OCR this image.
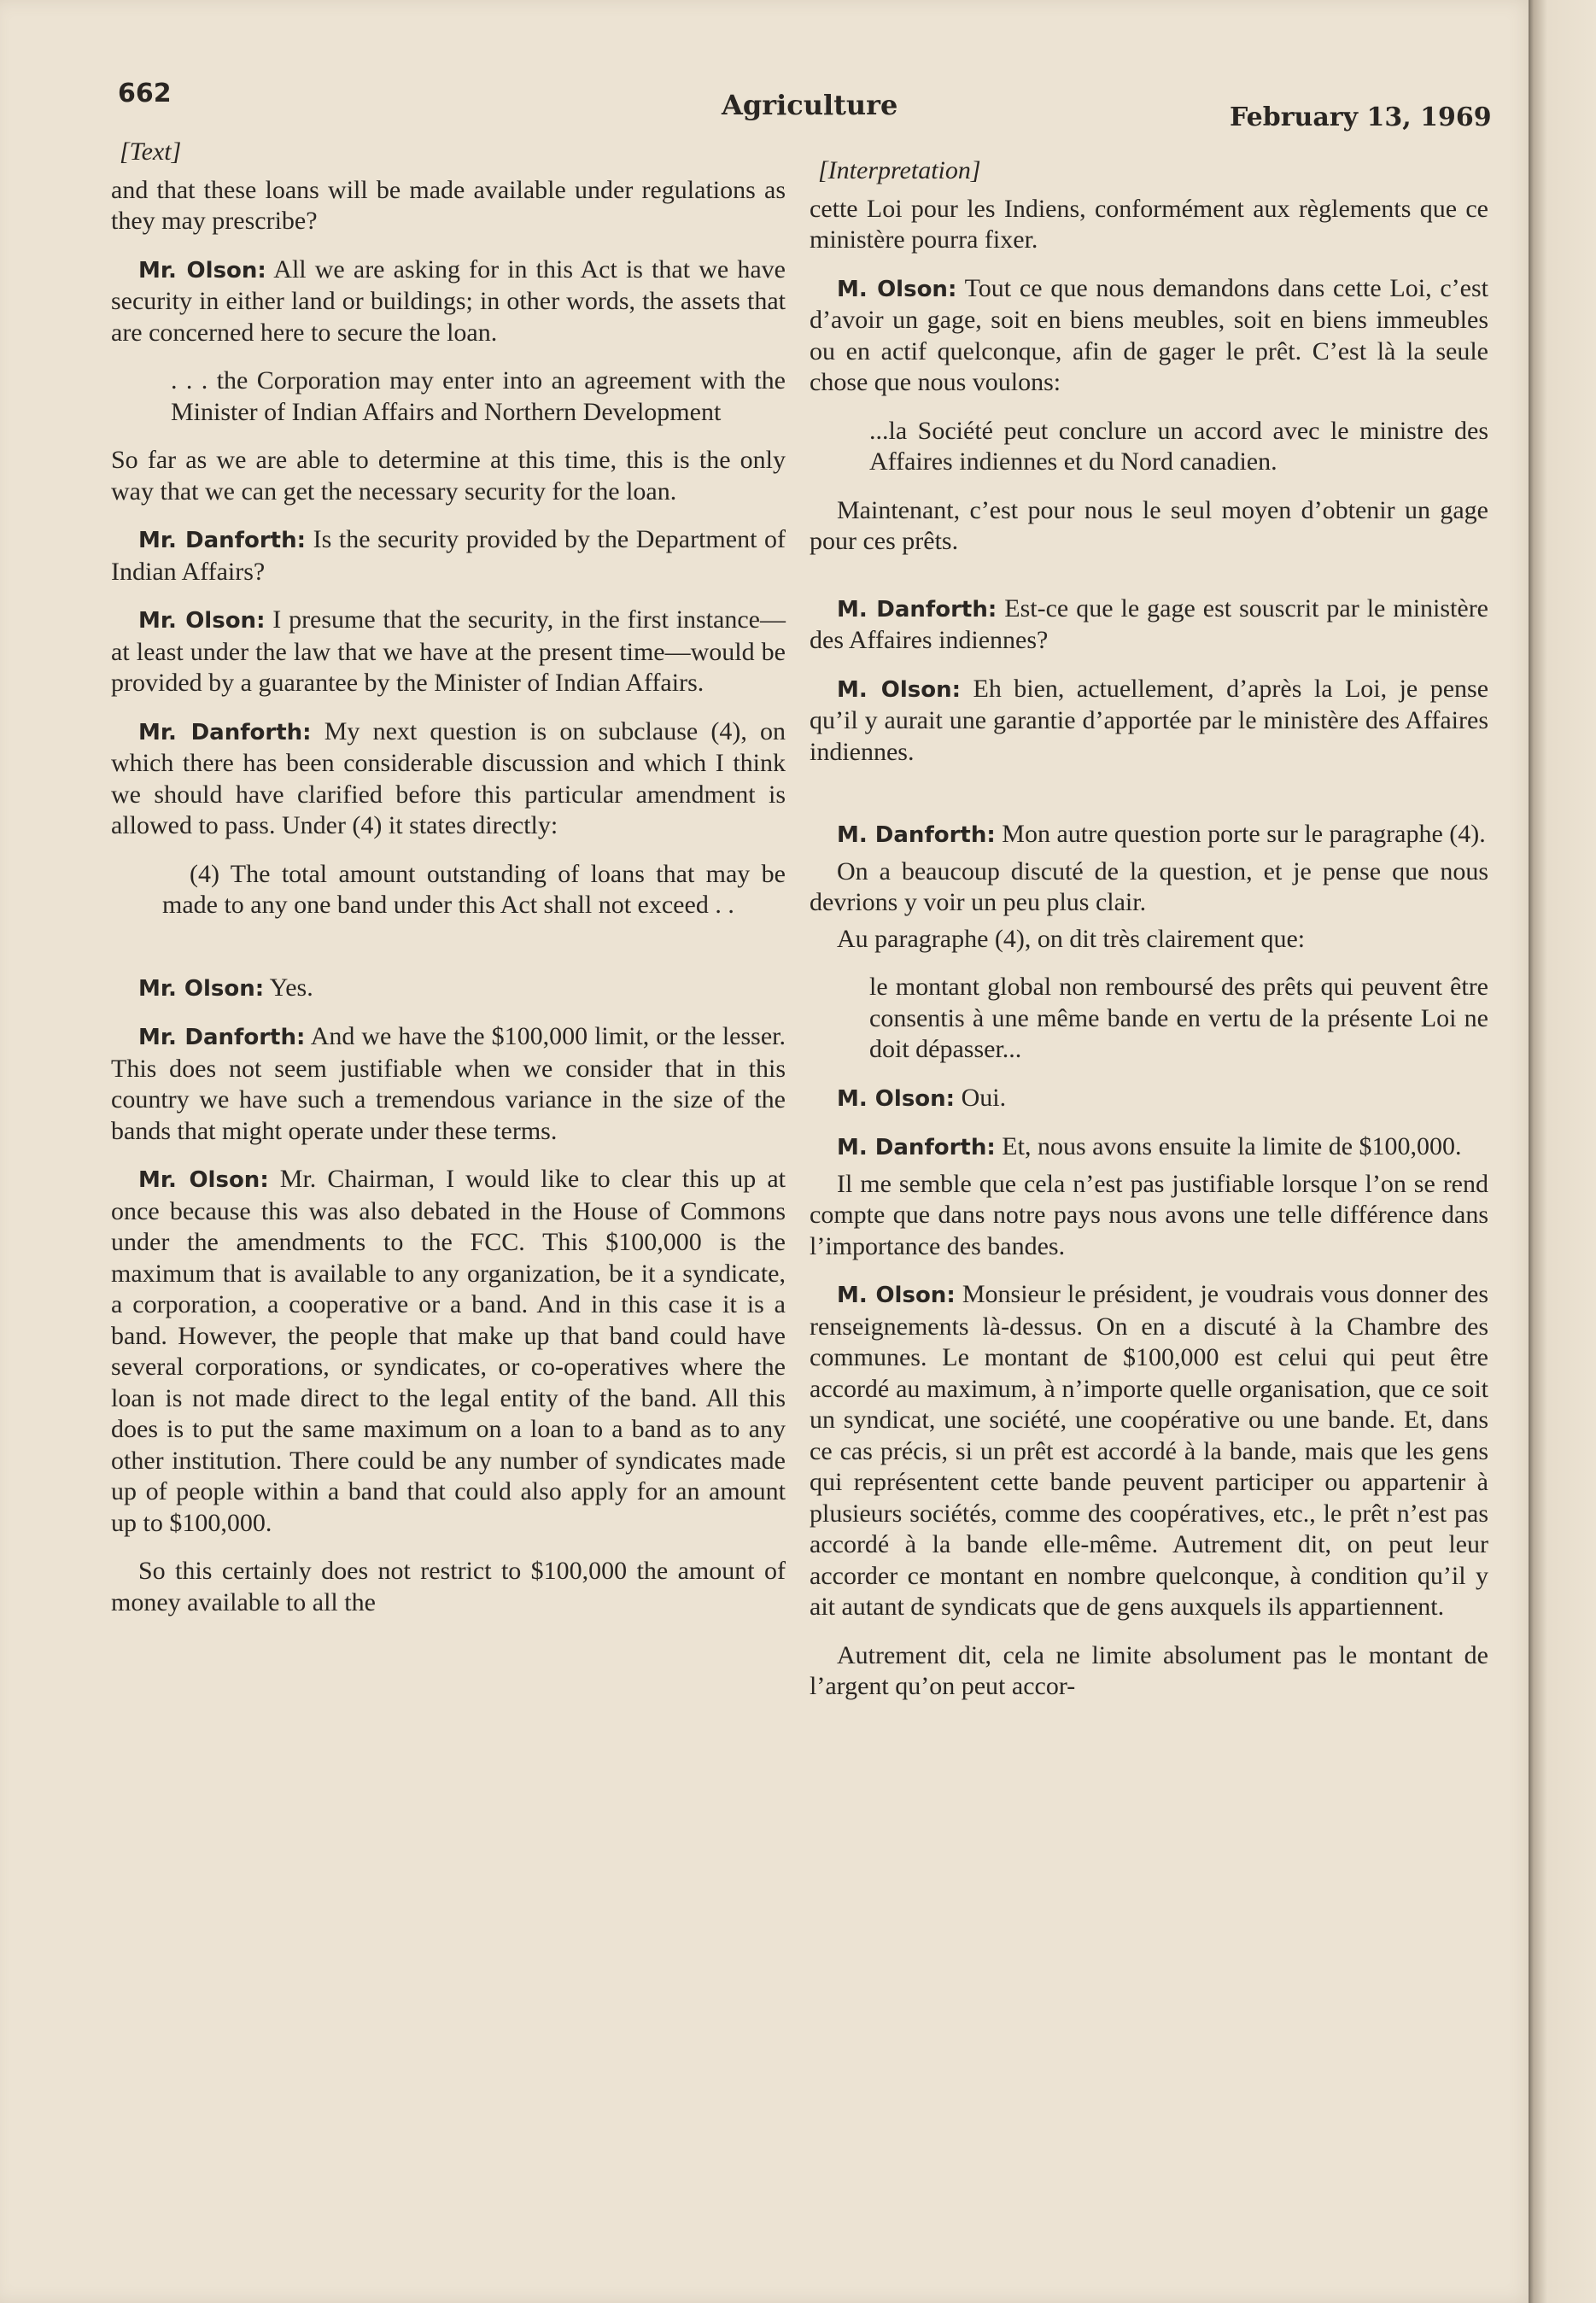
662	Agriculture	February 13, 1969
[Text]

and that these loans will be made available under regulations as they may prescribe?

Mr. Olson: All we are asking for in this Act is that we have security in either land or buildings; in other words, the assets that are concerned here to secure the loan.

. . . the Corporation may enter into an agreement with the Minister of Indian Affairs and Northern Development

So far as we are able to determine at this time, this is the only way that we can get the necessary security for the loan.

Mr. Danforth: Is the security provided by the Department of Indian Affairs?

Mr. Olson: I presume that the security, in the first instance—at least under the law that we have at the present time—would be provided by a guarantee by the Minister of Indian Affairs.

Mr. Danforth: My next question is on subclause (4), on which there has been considerable discussion and which I think we should have clarified before this particular amendment is allowed to pass. Under (4) it states directly:

(4) The total amount outstanding of loans that may be made to any one band under this Act shall not exceed . .

Mr. Olson: Yes.

Mr. Danforth: And we have the $100,000 limit, or the lesser. This does not seem justifiable when we consider that in this country we have such a tremendous variance in the size of the bands that might operate under these terms.

Mr. Olson: Mr. Chairman, I would like to clear this up at once because this was also debated in the House of Commons under the amendments to the FCC. This $100,000 is the maximum that is available to any organization, be it a syndicate, a corporation, a cooperative or a band. And in this case it is a band. However, the people that make up that band could have several corporations, or syndicates, or co-operatives where the loan is not made direct to the legal entity of the band. All this does is to put the same maximum on a loan to a band as to any other institution. There could be any number of syndicates made up of people within a band that could also apply for an amount up to $100,000.

So this certainly does not restrict to $100,000 the amount of money available to all the

[Interpretation]

cette Loi pour les Indiens, conformément aux règlements que ce ministère pourra fixer.

M. Olson: Tout ce que nous demandons dans cette Loi, c’est d’avoir un gage, soit en biens meubles, soit en biens immeubles ou en actif quelconque, afin de gager le prêt. C’est là la seule chose que nous voulons:

...la Société peut conclure un accord avec le ministre des Affaires indiennes et du Nord canadien.

Maintenant, c’est pour nous le seul moyen d’obtenir un gage pour ces prêts.

M. Danforth: Est-ce que le gage est souscrit par le ministère des Affaires indiennes?

M. Olson: Eh bien, actuellement, d’après la Loi, je pense qu’il y aurait une garantie d’apportée par le ministère des Affaires indiennes.

M. Danforth: Mon autre question porte sur le paragraphe (4).

On a beaucoup discuté de la question, et je pense que nous devrions y voir un peu plus clair.

Au paragraphe (4), on dit très clairement que:

le montant global non remboursé des prêts qui peuvent être consentis à une même bande en vertu de la présente Loi ne doit dépasser...

M. Olson: Oui.

M. Danforth: Et, nous avons ensuite la limite de $100,000.

Il me semble que cela n’est pas justifiable lorsque l’on se rend compte que dans notre pays nous avons une telle différence dans l’importance des bandes.

M. Olson: Monsieur le président, je voudrais vous donner des renseignements là-dessus. On en a discuté à la Chambre des communes. Le montant de $100,000 est celui qui peut être accordé au maximum, à n’importe quelle organisation, que ce soit un syndicat, une société, une coopérative ou une bande. Et, dans ce cas précis, si un prêt est accordé à la bande, mais que les gens qui représentent cette bande peuvent participer ou appartenir à plusieurs sociétés, comme des coopératives, etc., le prêt n’est pas accordé à la bande elle-même. Autrement dit, on peut leur accorder ce montant en nombre quelconque, à condition qu’il y ait autant de syndicats que de gens auxquels ils appartiennent.

Autrement dit, cela ne limite absolument pas le montant de l’argent qu’on peut accor-
